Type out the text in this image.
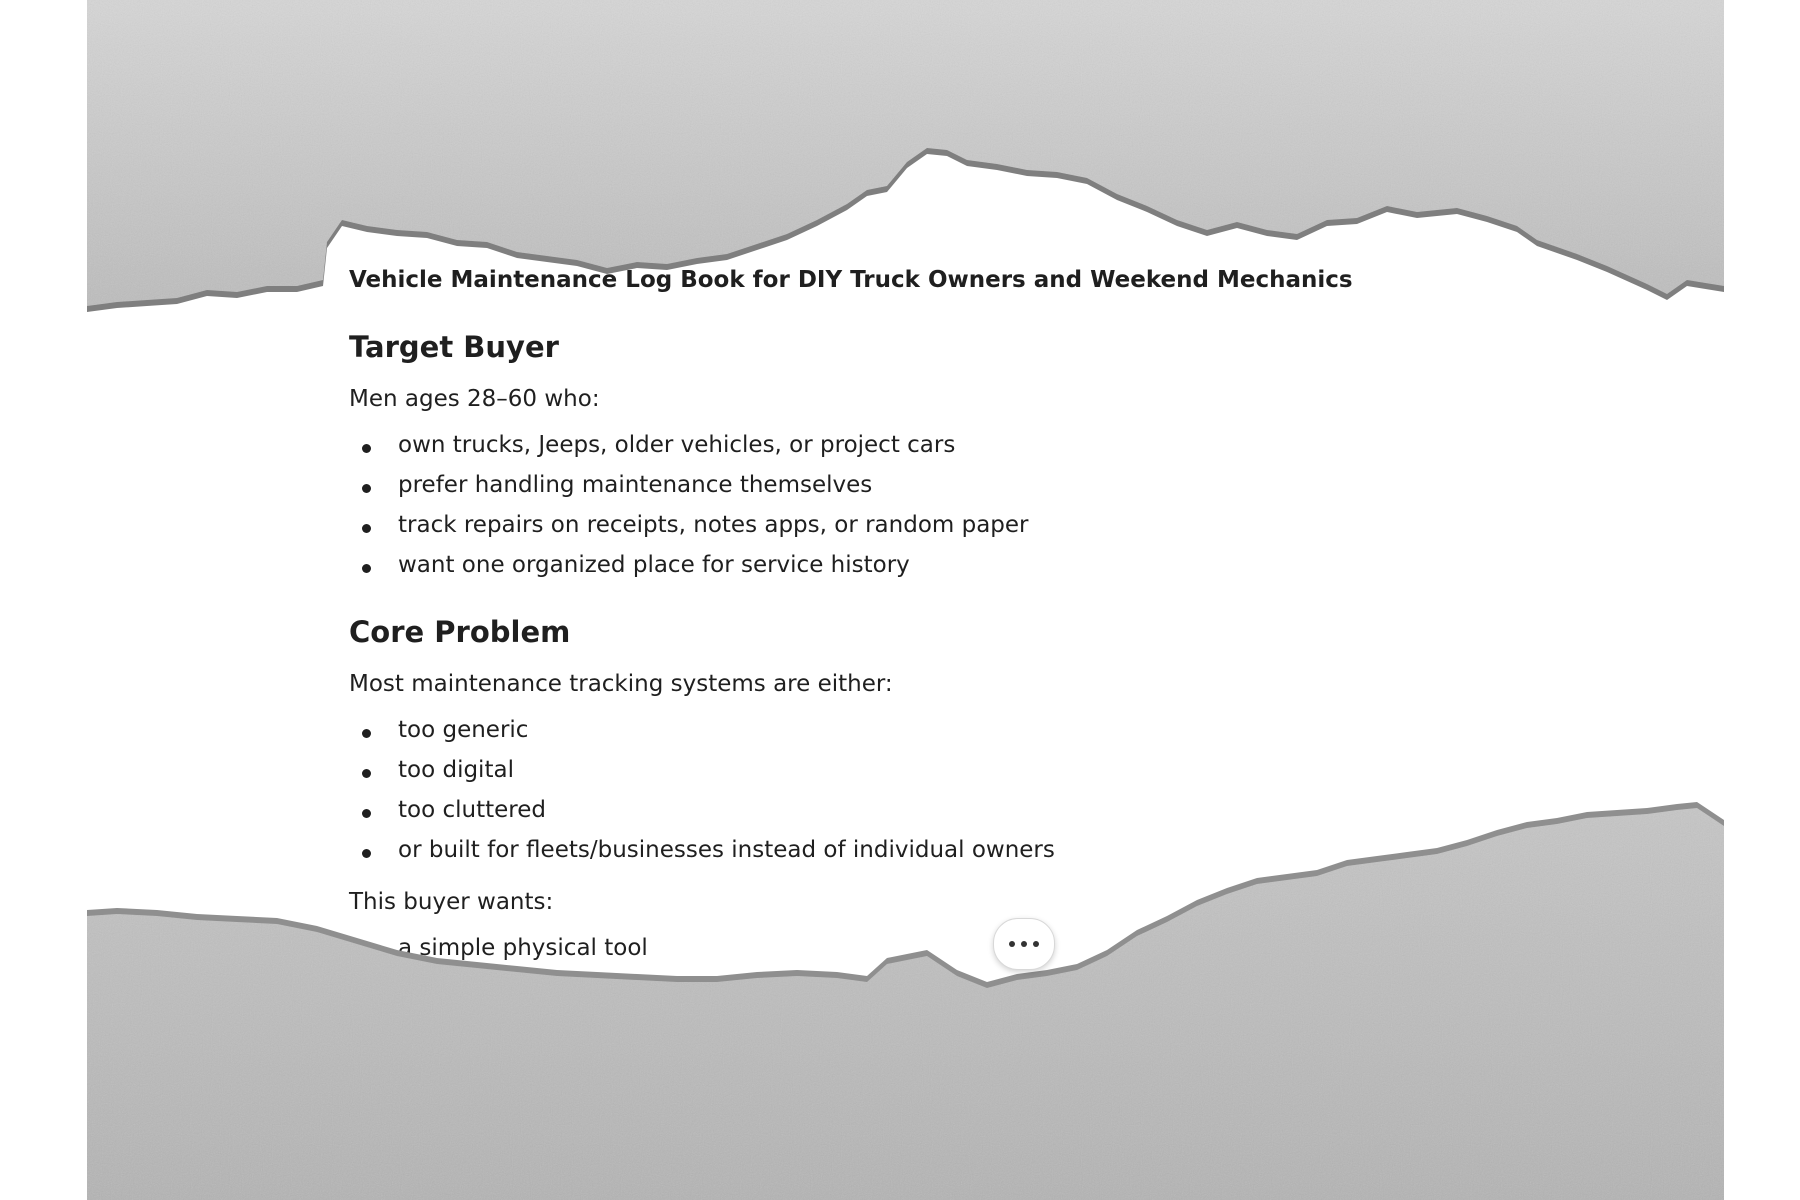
Vehicle Maintenance Log Book for DIY Truck Owners and Weekend Mechanics
Target Buyer
Men ages 28–60 who:
own trucks, Jeeps, older vehicles, or project cars
prefer handling maintenance themselves
track repairs on receipts, notes apps, or random paper
want one organized place for service history
Core Problem
Most maintenance tracking systems are either:
too generic
too digital
too cluttered
or built for fleets/businesses instead of individual owners
This buyer wants:
a simple physical tool
